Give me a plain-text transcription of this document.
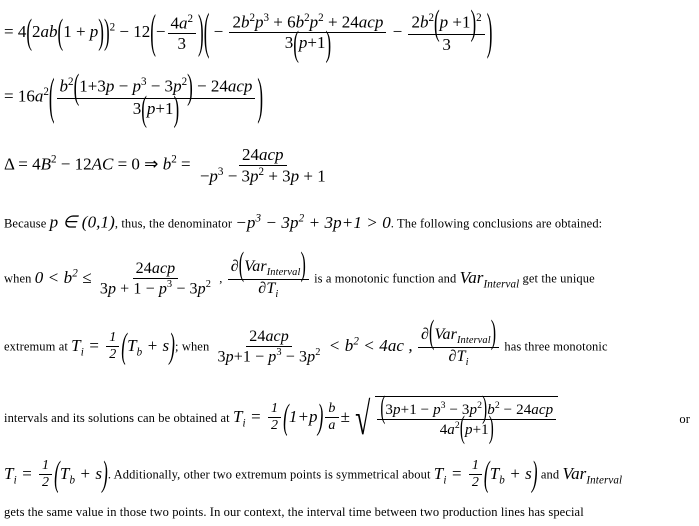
= $4(2ab(1 + p))^2 - 12(- \frac{4a^2}{3}$ )( − $\frac{2b^2p^3 + 6b^2p^2 + 24acp}{3(p+1)} - \frac{2b^2(p +1)^2}{3}$ )
= $16a^2( \frac{b^2(1+3p - p^3 - 3p^2) - 24acp}{3(p+1)}$ )
$\Delta = 4B^2 - 12AC = 0$ ⇒ $b^2 = \frac{\text{24acp}}{-p^3 - 3p^2 + 3p + 1}$
Because p ∈ (0,1), thus, the denominator $-p^3 - 3p^2 + 3p+1 > 0$. The following conclusions are obtained:
when $0 < b^2 \le \frac{\text{24acp}}{3p + 1 - p^3 - 3p^2}$ , $\frac{\partial(Var_{Interval})}{\partial T_i}$ is a monotonic function and Var$_{Interval}$ get the unique
extremum at $T_i = \frac{1}{2} (T_b + s)$; when $\frac{\text{24acp}}{3p+1 - p^3 - 3p^2} < b^2 < 4ac$ , $\frac{\partial(Var_{Interval})}{\partial T_i}$ has three monotonic
intervals and its solutions can be obtained at $T_i = \frac{1}{2} (1+p) \frac{b}{a}$ ± √ $\frac{(3p+1 - p^3 - 3p^2)b^2 - 24acp}{4a^2(p+1)}$	or
$T_i = \frac{1}{2} (T_b + s)$. Additionally, other two extremum points is symmetrical about $T_i = \frac{1}{2} (T_b + s)$ and Var$_{Interval}$
gets the same value in those two points. In our context, the interval time between two production lines has special
